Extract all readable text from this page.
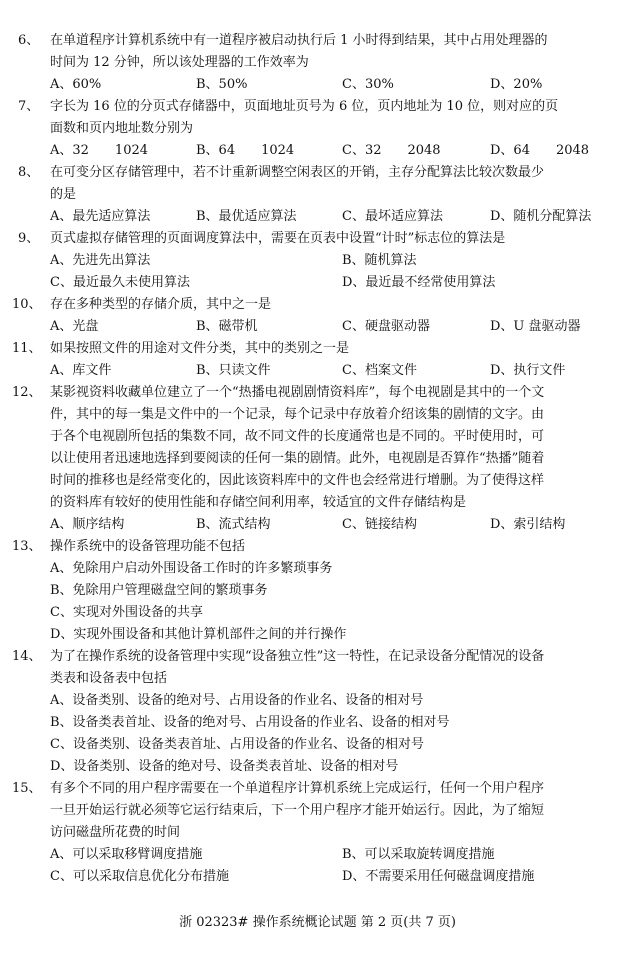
6、 在单道程序计算机系统中有一道程序被启动执行后 1 小时得到结果，其中占用处理器的
时间为 12 分钟，所以该处理器的工作效率为
A、60%	B、50%	C、30%	D、20%
7、 字长为 16 位的分页式存储器中，页面地址页号为 6 位，页内地址为 10 位，则对应的页
面数和页内地址数分别为
A、32　　1024	B、64　　1024	C、32　　2048	D、64　　2048
8、 在可变分区存储管理中，若不计重新调整空闲表区的开销，主存分配算法比较次数最少
的是
A、最先适应算法	B、最优适应算法	C、最坏适应算法	D、随机分配算法
9、 页式虚拟存储管理的页面调度算法中，需要在页表中设置“计时”标志位的算法是
A、先进先出算法	B、随机算法
C、最近最久未使用算法	D、最近最不经常使用算法
10、 存在多种类型的存储介质，其中之一是
A、光盘	B、磁带机	C、硬盘驱动器	D、U 盘驱动器
11、 如果按照文件的用途对文件分类，其中的类别之一是
A、库文件	B、只读文件	C、档案文件	D、执行文件
12、 某影视资料收藏单位建立了一个“热播电视剧剧情资料库”，每个电视剧是其中的一个文
件，其中的每一集是文件中的一个记录，每个记录中存放着介绍该集的剧情的文字。由
于各个电视剧所包括的集数不同，故不同文件的长度通常也是不同的。平时使用时，可
以让使用者迅速地选择到要阅读的任何一集的剧情。此外，电视剧是否算作“热播”随着
时间的推移也是经常变化的，因此该资料库中的文件也会经常进行增删。为了使得这样
的资料库有较好的使用性能和存储空间利用率，较适宜的文件存储结构是
A、顺序结构	B、流式结构	C、链接结构	D、索引结构
13、 操作系统中的设备管理功能不包括
A、免除用户启动外围设备工作时的许多繁琐事务
B、免除用户管理磁盘空间的繁琐事务
C、实现对外围设备的共享
D、实现外围设备和其他计算机部件之间的并行操作
14、 为了在操作系统的设备管理中实现“设备独立性”这一特性，在记录设备分配情况的设备
类表和设备表中包括
A、设备类别、设备的绝对号、占用设备的作业名、设备的相对号
B、设备类表首址、设备的绝对号、占用设备的作业名、设备的相对号
C、设备类别、设备类表首址、占用设备的作业名、设备的相对号
D、设备类别、设备的绝对号、设备类表首址、设备的相对号
15、 有多个不同的用户程序需要在一个单道程序计算机系统上完成运行，任何一个用户程序
一旦开始运行就必须等它运行结束后，下一个用户程序才能开始运行。因此，为了缩短
访问磁盘所花费的时间
A、可以采取移臂调度措施	B、可以采取旋转调度措施
C、可以采取信息优化分布措施	D、不需要采用任何磁盘调度措施
浙 02323# 操作系统概论试题 第 2 页(共 7 页)
